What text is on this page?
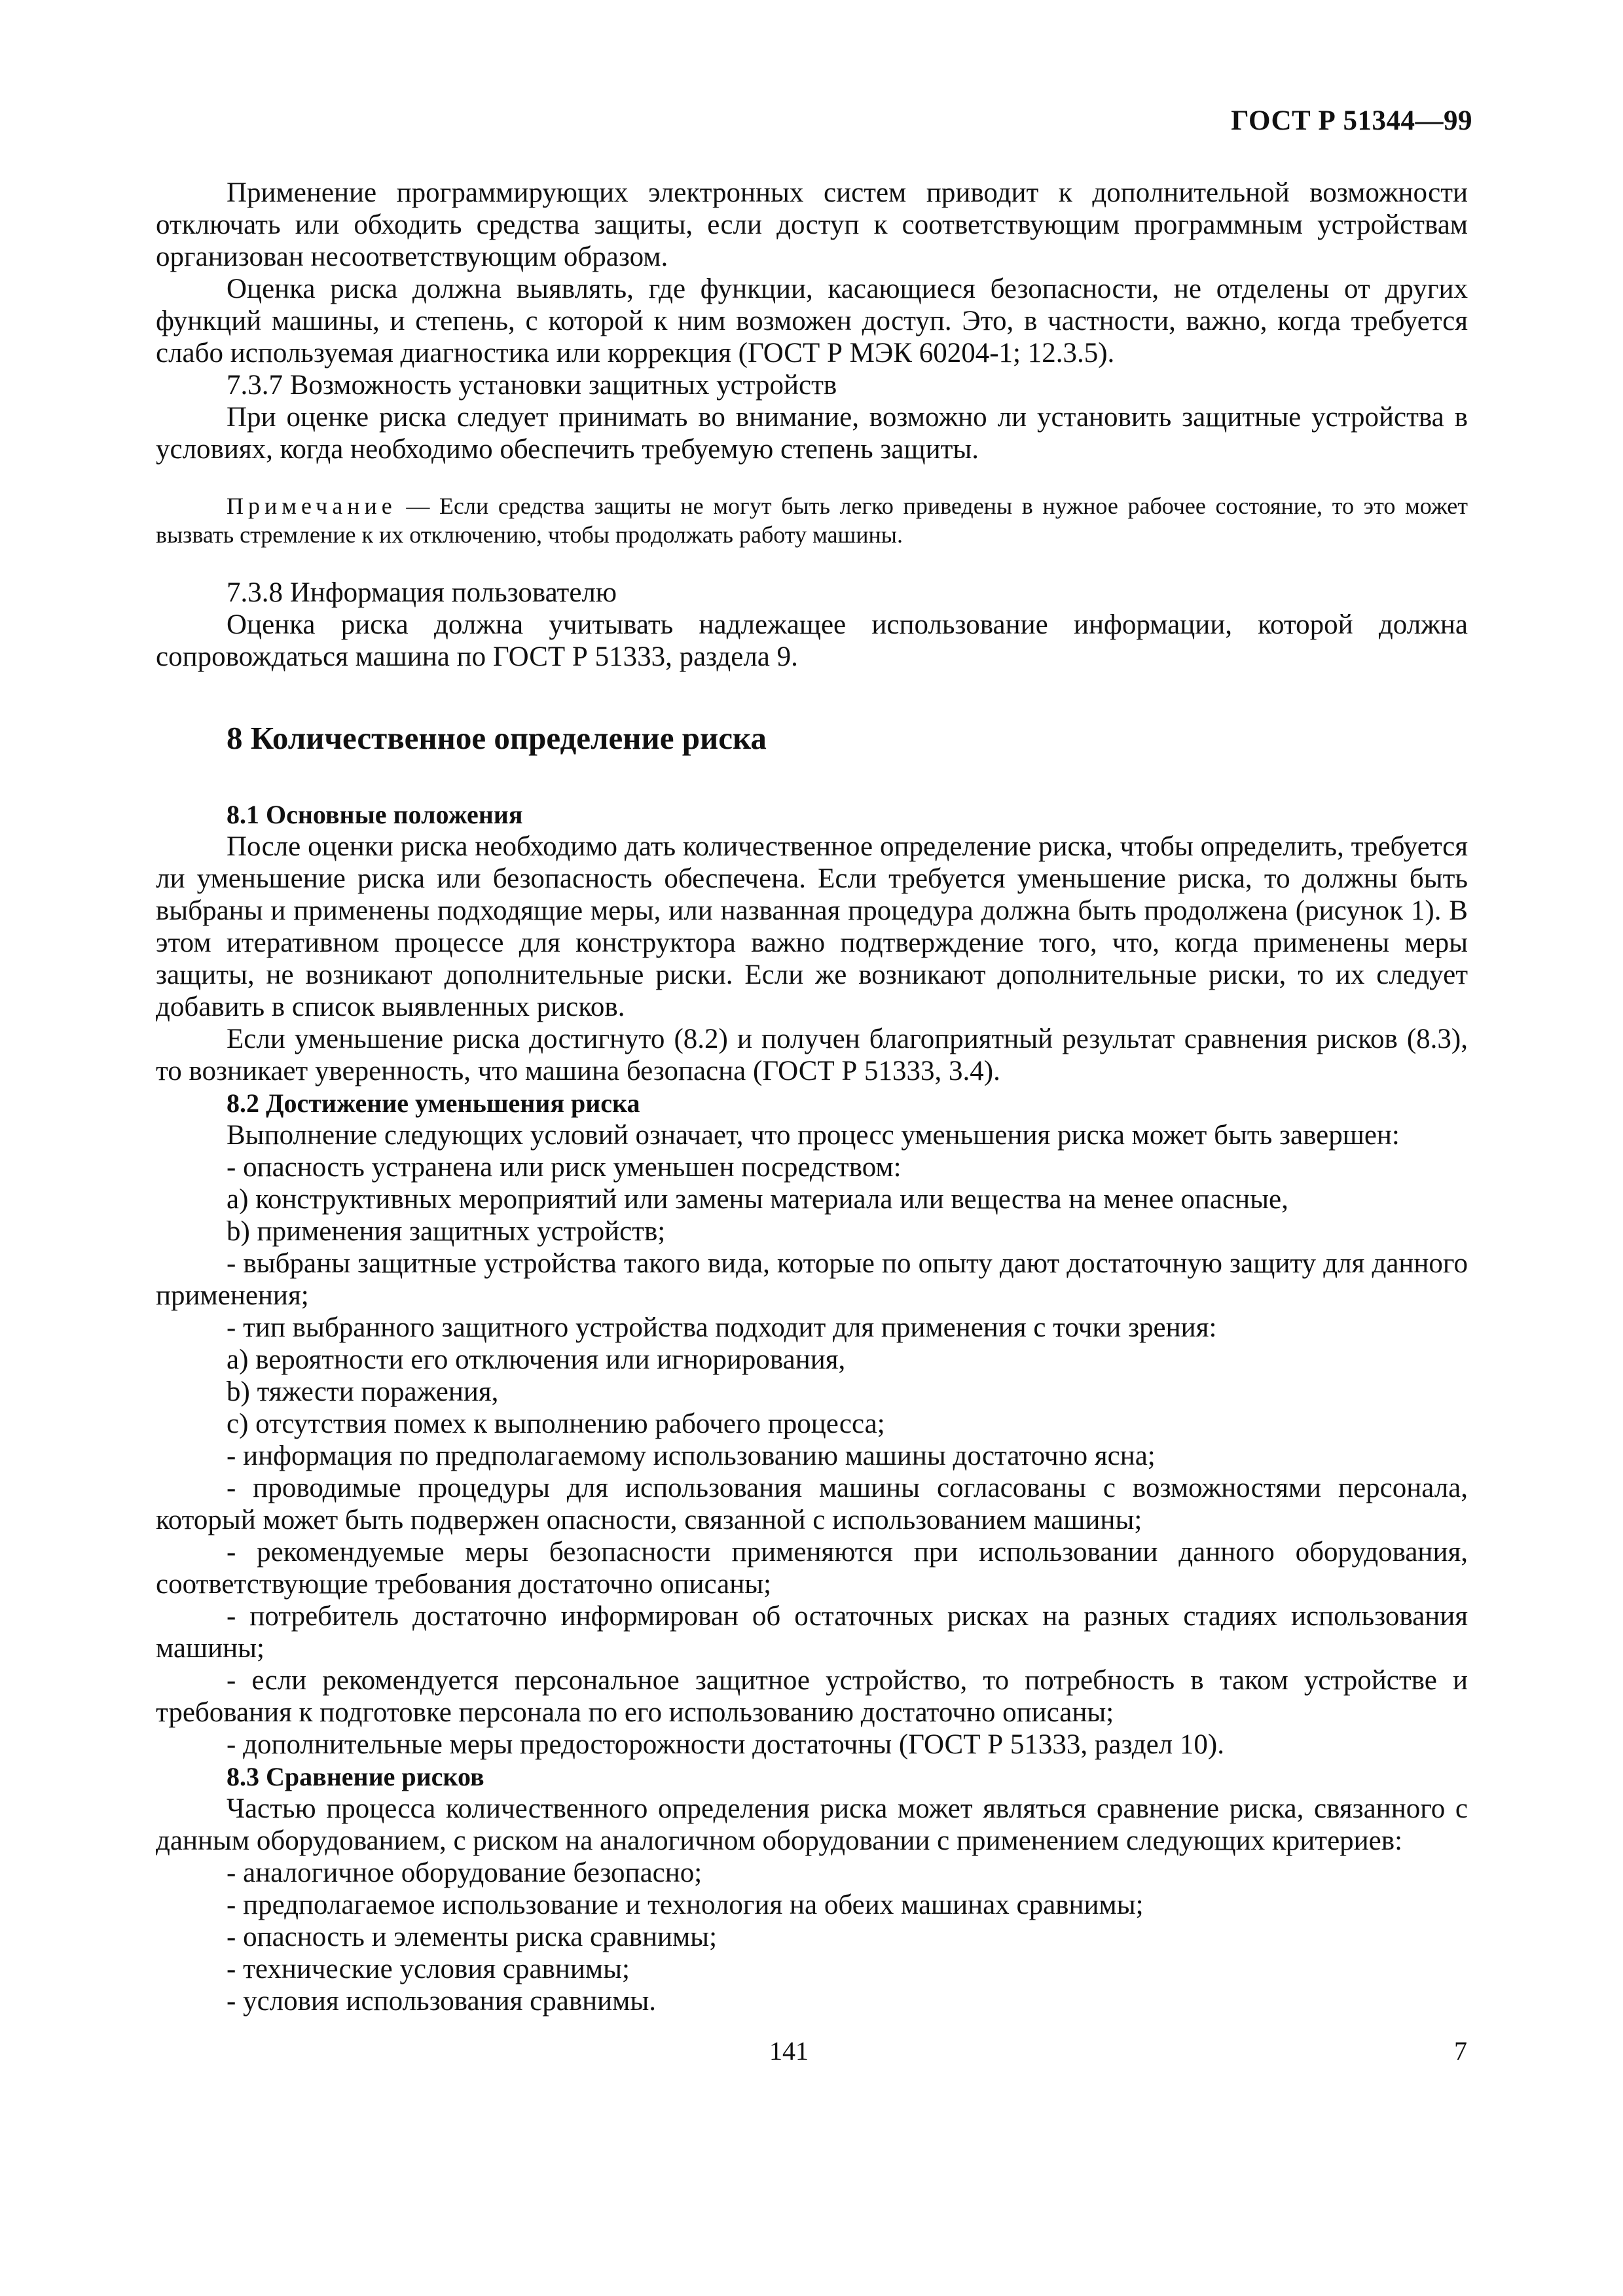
ГОСТ Р 51344—99

Применение программирующих электронных систем приводит к дополнительной возможности отключать или обходить средства защиты, если доступ к соответствующим программным устройствам организован несоответствующим образом.

Оценка риска должна выявлять, где функции, касающиеся безопасности, не отделены от других функций машины, и степень, с которой к ним возможен доступ. Это, в частности, важно, когда требуется слабо используемая диагностика или коррекция (ГОСТ Р МЭК 60204-1; 12.3.5).

7.3.7 Возможность установки защитных устройств

При оценке риска следует принимать во внимание, возможно ли установить защитные устройства в условиях, когда необходимо обеспечить требуемую степень защиты.

Примечание — Если средства защиты не могут быть легко приведены в нужное рабочее состояние, то это может вызвать стремление к их отключению, чтобы продолжать работу машины.

7.3.8 Информация пользователю

Оценка риска должна учитывать надлежащее использование информации, которой должна сопровождаться машина по ГОСТ Р 51333, раздела 9.

8 Количественное определение риска
8.1 Основные положения

После оценки риска необходимо дать количественное определение риска, чтобы определить, требуется ли уменьшение риска или безопасность обеспечена. Если требуется уменьшение риска, то должны быть выбраны и применены подходящие меры, или названная процедура должна быть продолжена (рисунок 1). В этом итеративном процессе для конструктора важно подтверждение того, что, когда применены меры защиты, не возникают дополнительные риски. Если же возникают дополнительные риски, то их следует добавить в список выявленных рисков.

Если уменьшение риска достигнуто (8.2) и получен благоприятный результат сравнения рисков (8.3), то возникает уверенность, что машина безопасна (ГОСТ Р 51333, 3.4).

8.2 Достижение уменьшения риска

Выполнение следующих условий означает, что процесс уменьшения риска может быть завершен:

- опасность устранена или риск уменьшен посредством:

а) конструктивных мероприятий или замены материала или вещества на менее опасные,

b) применения защитных устройств;

- выбраны защитные устройства такого вида, которые по опыту дают достаточную защиту для данного применения;

- тип выбранного защитного устройства подходит для применения с точки зрения:

а) вероятности его отключения или игнорирования,

b) тяжести поражения,

с) отсутствия помех к выполнению рабочего процесса;

- информация по предполагаемому использованию машины достаточно ясна;

- проводимые процедуры для использования машины согласованы с возможностями персонала, который может быть подвержен опасности, связанной с использованием машины;

- рекомендуемые меры безопасности применяются при использовании данного оборудования, соответствующие требования достаточно описаны;

- потребитель достаточно информирован об остаточных рисках на разных стадиях использования машины;

- если рекомендуется персональное защитное устройство, то потребность в таком устройстве и требования к подготовке персонала по его использованию достаточно описаны;

- дополнительные меры предосторожности достаточны (ГОСТ Р 51333, раздел 10).

8.3 Сравнение рисков

Частью процесса количественного определения риска может являться сравнение риска, связанного с данным оборудованием, с риском на аналогичном оборудовании с применением следующих критериев:

- аналогичное оборудование безопасно;

- предполагаемое использование и технология на обеих машинах сравнимы;

- опасность и элементы риска сравнимы;

- технические условия сравнимы;

- условия использования сравнимы.

141	7
